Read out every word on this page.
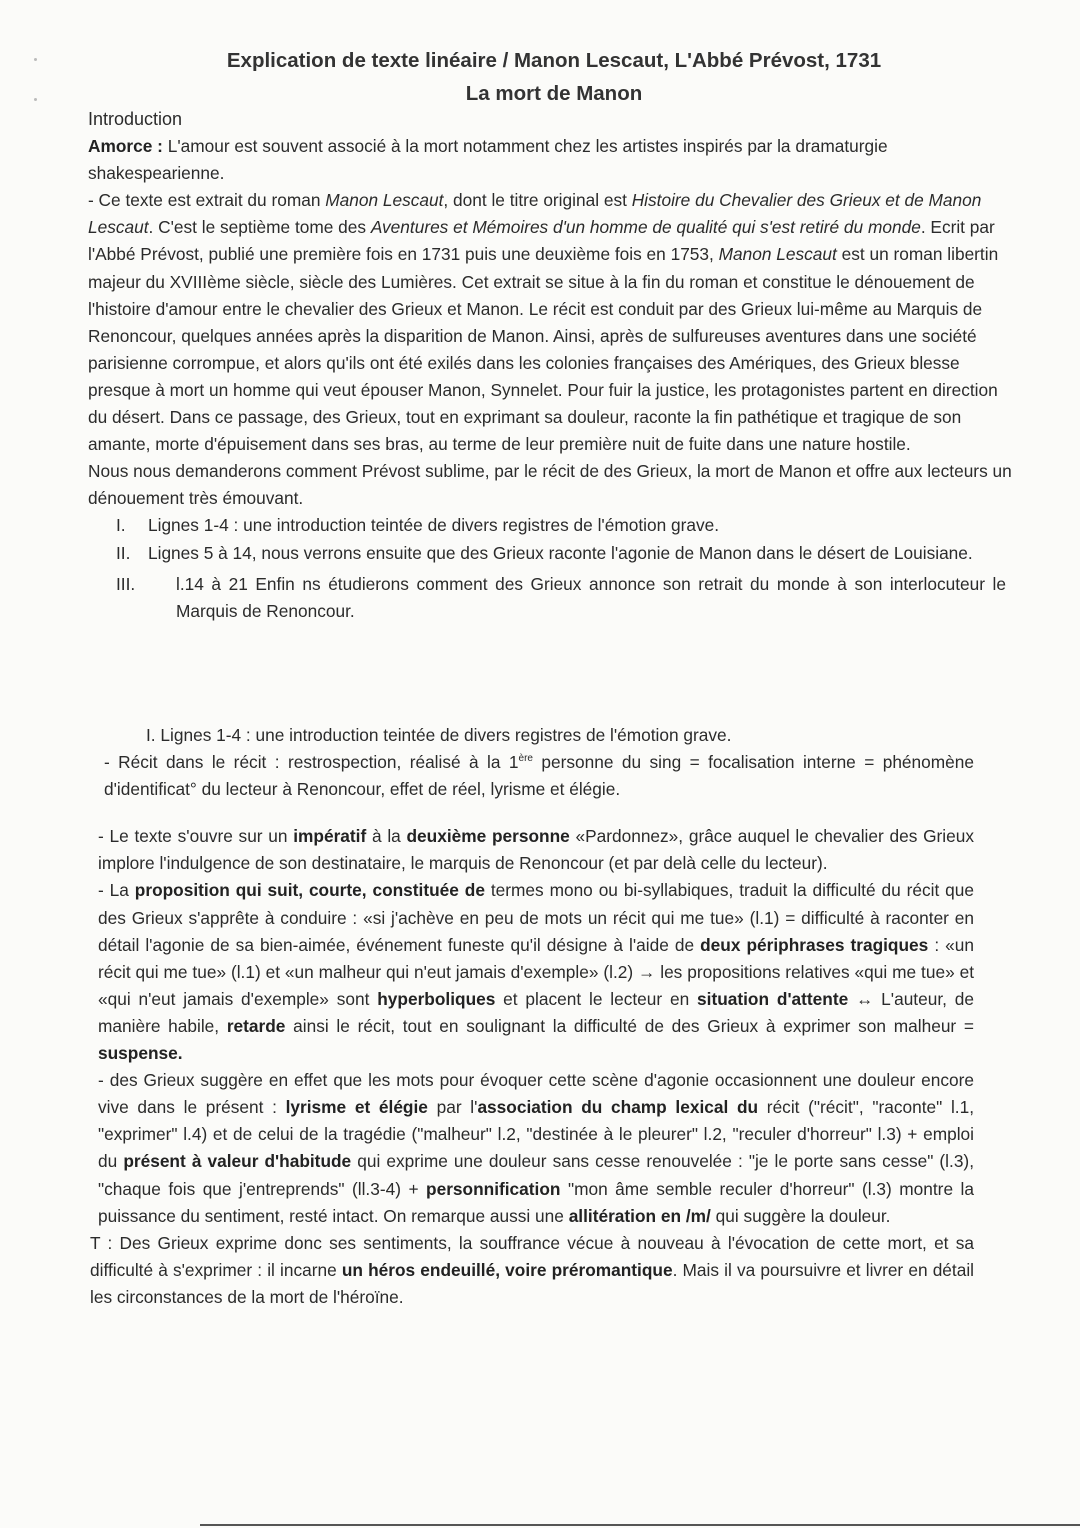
Explication de texte linéaire / Manon Lescaut, L'Abbé Prévost, 1731
La mort de Manon

Introduction

Amorce : L'amour est souvent associé à la mort notamment chez les artistes inspirés par la dramaturgie shakespearienne.

- Ce texte est extrait du roman Manon Lescaut, dont le titre original est Histoire du Chevalier des Grieux et de Manon Lescaut. C'est le septième tome des Aventures et Mémoires d'un homme de qualité qui s'est retiré du monde. Ecrit par l'Abbé Prévost, publié une première fois en 1731 puis une deuxième fois en 1753, Manon Lescaut est un roman libertin majeur du XVIIIème siècle, siècle des Lumières. Cet extrait se situe à la fin du roman et constitue le dénouement de l'histoire d'amour entre le chevalier des Grieux et Manon. Le récit est conduit par des Grieux lui-même au Marquis de Renoncour, quelques années après la disparition de Manon. Ainsi, après de sulfureuses aventures dans une société parisienne corrompue, et alors qu'ils ont été exilés dans les colonies françaises des Amériques, des Grieux blesse presque à mort un homme qui veut épouser Manon, Synnelet. Pour fuir la justice, les protagonistes partent en direction du désert. Dans ce passage, des Grieux, tout en exprimant sa douleur, raconte la fin pathétique et tragique de son amante, morte d'épuisement dans ses bras, au terme de leur première nuit de fuite dans une nature hostile.

Nous nous demanderons comment Prévost sublime, par le récit de des Grieux, la mort de Manon et offre aux lecteurs un dénouement très émouvant.

I.	Lignes 1-4 : une introduction teintée de divers registres de l'émotion grave.
II.	Lignes 5 à 14, nous verrons ensuite que des Grieux raconte l'agonie de Manon dans le désert de Louisiane.
III.	l.14 à 21 Enfin ns étudierons comment des Grieux annonce son retrait du monde à son interlocuteur le Marquis de Renoncour.

I. Lignes 1-4 : une introduction teintée de divers registres de l'émotion grave.

- Récit dans le récit : restrospection, réalisé à la 1ère personne du sing = focalisation interne = phénomène d'identificat° du lecteur à Renoncour, effet de réel, lyrisme et élégie.

- Le texte s'ouvre sur un impératif à la deuxième personne «Pardonnez», grâce auquel le chevalier des Grieux implore l'indulgence de son destinataire, le marquis de Renoncour (et par delà celle du lecteur).

- La proposition qui suit, courte, constituée de termes mono ou bi-syllabiques, traduit la difficulté du récit que des Grieux s'apprête à conduire : «si j'achève en peu de mots un récit qui me tue» (l.1) = difficulté à raconter en détail l'agonie de sa bien-aimée, événement funeste qu'il désigne à l'aide de deux périphrases tragiques : «un récit qui me tue» (l.1) et «un malheur qui n'eut jamais d'exemple» (l.2) → les propositions relatives «qui me tue» et «qui n'eut jamais d'exemple» sont hyperboliques et placent le lecteur en situation d'attente ↔ L'auteur, de manière habile, retarde ainsi le récit, tout en soulignant la difficulté de des Grieux à exprimer son malheur = suspense.

- des Grieux suggère en effet que les mots pour évoquer cette scène d'agonie occasionnent une douleur encore vive dans le présent : lyrisme et élégie par l'association du champ lexical du récit ("récit", "raconte" l.1, "exprimer" l.4) et de celui de la tragédie ("malheur" l.2, "destinée à le pleurer" l.2, "reculer d'horreur" l.3) + emploi du présent à valeur d'habitude qui exprime une douleur sans cesse renouvelée : "je le porte sans cesse" (l.3), "chaque fois que j'entreprends" (ll.3-4) + personnification "mon âme semble reculer d'horreur" (l.3) montre la puissance du sentiment, resté intact. On remarque aussi une allitération en /m/ qui suggère la douleur.

T : Des Grieux exprime donc ses sentiments, la souffrance vécue à nouveau à l'évocation de cette mort, et sa difficulté à s'exprimer : il incarne un héros endeuillé, voire préromantique. Mais il va poursuivre et livrer en détail les circonstances de la mort de l'héroïne.
